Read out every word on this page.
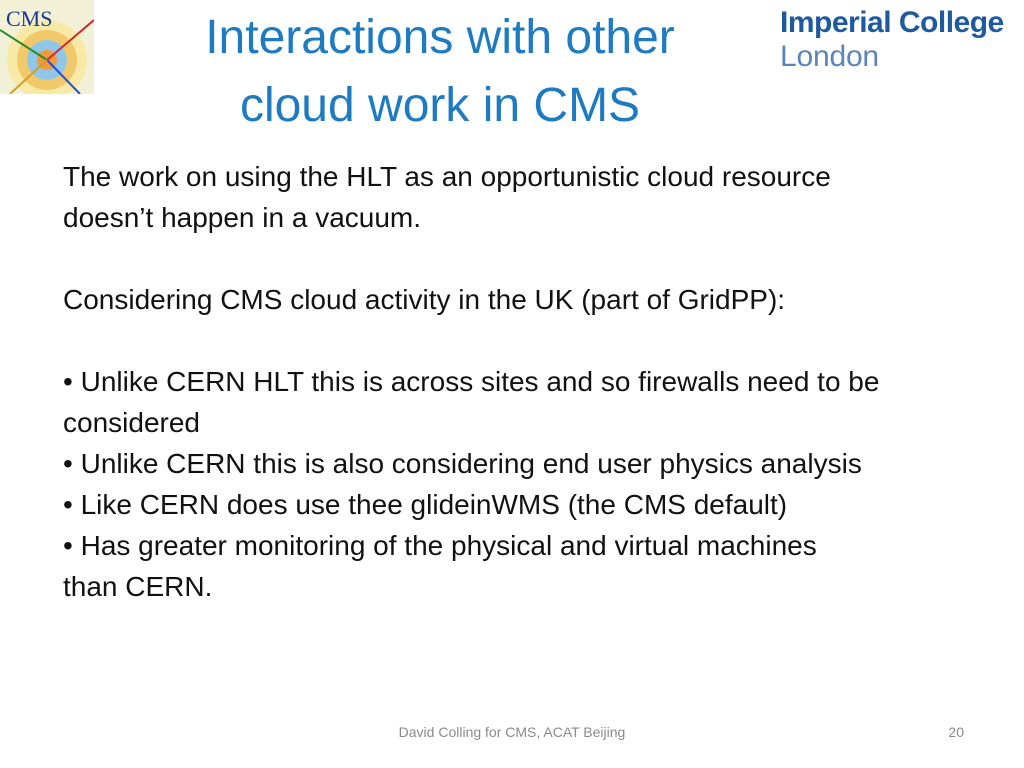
CMS	Interactions with other
cloud work in CMS
Imperial College
London
The work on using the HLT as an opportunistic cloud resource
doesn’t happen in a vacuum.
Considering CMS cloud activity in the UK (part of GridPP):
• Unlike CERN HLT this is across sites and so firewalls need to be
considered
• Unlike CERN this is also considering end user physics analysis
• Like CERN does use thee glideinWMS (the CMS default)
• Has greater monitoring of the physical and virtual machines
than CERN.
David Colling for CMS, ACAT Beijing	20
